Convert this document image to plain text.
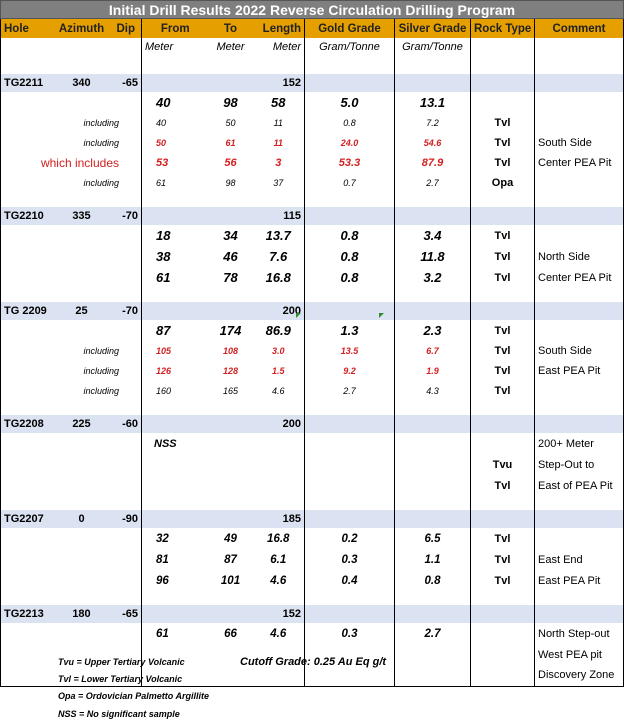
Initial Drill Results 2022 Reverse Circulation Drilling Program
Hole	Azimuth	Dip	From	To	Length	Gold Grade	Silver Grade	Rock Type	Comment
			Meter	Meter	Meter	Gram/Tonne	Gram/Tonne		

TG2211	340	-65			152				
			40	98	58	5.0	13.1		
including			40	50	11	0.8	7.2	Tvl	
including			50	61	11	24.0	54.6	Tvl	South Side
which includes			53	56	3	53.3	87.9	Tvl	Center PEA Pit
including			61	98	37	0.7	2.7	Opa	

TG2210	335	-70			115				
			18	34	13.7	0.8	3.4	Tvl	
			38	46	7.6	0.8	11.8	Tvl	North Side
			61	78	16.8	0.8	3.2	Tvl	Center PEA Pit

TG 2209	25	-70			200				
			87	174	86.9	1.3	2.3	Tvl	
including			105	108	3.0	13.5	6.7	Tvl	South Side
including			126	128	1.5	9.2	1.9	Tvl	East PEA Pit
including			160	165	4.6	2.7	4.3	Tvl	

TG2208	225	-60			200				
			NSS						200+ Meter
								Tvu	Step-Out to
								Tvl	East of PEA Pit

TG2207	0	-90			185				
			32	49	16.8	0.2	6.5	Tvl	
			81	87	6.1	0.3	1.1	Tvl	East End
			96	101	4.6	0.4	0.8	Tvl	East PEA Pit

TG2213	180	-65			152				
			61	66	4.6	0.3	2.7		North Step-out
									West PEA pit
									Discovery Zone
Tvu = Upper Tertiary Volcanic
Tvl = Lower Tertiary Volcanic
Opa = Ordovician Palmetto Argillite
NSS = No significant sample
Cutoff Grade: 0.25 Au Eq g/t
